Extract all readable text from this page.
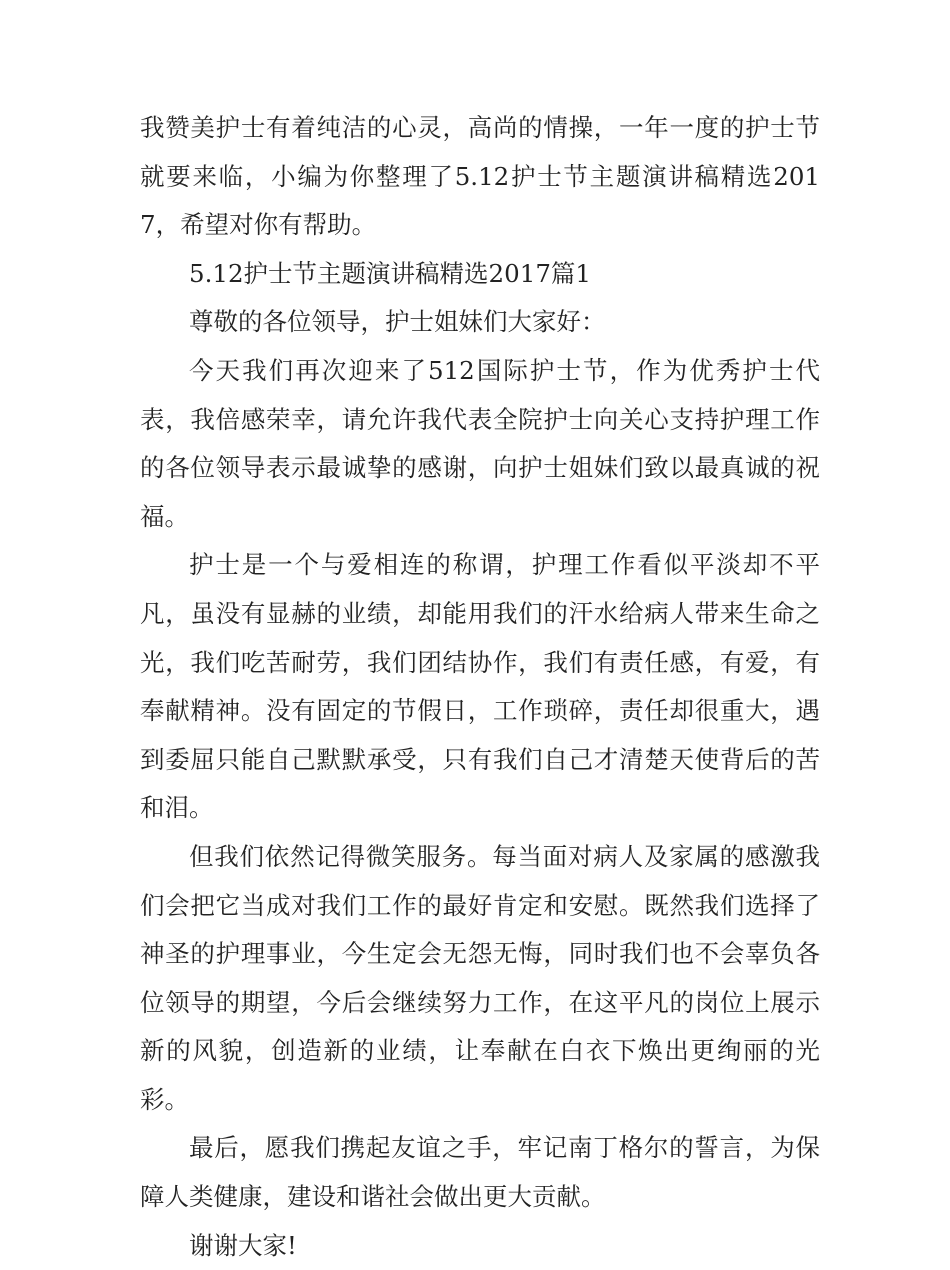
我赞美护士有着纯洁的心灵，高尚的情操，一年一度的护士节就要来临，小编为你整理了5.12护士节主题演讲稿精选2017，希望对你有帮助。

5.12护士节主题演讲稿精选2017篇1

尊敬的各位领导，护士姐妹们大家好：

今天我们再次迎来了512国际护士节，作为优秀护士代表，我倍感荣幸，请允许我代表全院护士向关心支持护理工作的各位领导表示最诚挚的感谢，向护士姐妹们致以最真诚的祝福。

护士是一个与爱相连的称谓，护理工作看似平淡却不平凡，虽没有显赫的业绩，却能用我们的汗水给病人带来生命之光，我们吃苦耐劳，我们团结协作，我们有责任感，有爱，有奉献精神。没有固定的节假日，工作琐碎，责任却很重大，遇到委屈只能自己默默承受，只有我们自己才清楚天使背后的苦和泪。

但我们依然记得微笑服务。每当面对病人及家属的感激我们会把它当成对我们工作的最好肯定和安慰。既然我们选择了神圣的护理事业，今生定会无怨无悔，同时我们也不会辜负各位领导的期望，今后会继续努力工作，在这平凡的岗位上展示新的风貌，创造新的业绩，让奉献在白衣下焕出更绚丽的光彩。

最后，愿我们携起友谊之手，牢记南丁格尔的誓言，为保障人类健康，建设和谐社会做出更大贡献。

谢谢大家!
